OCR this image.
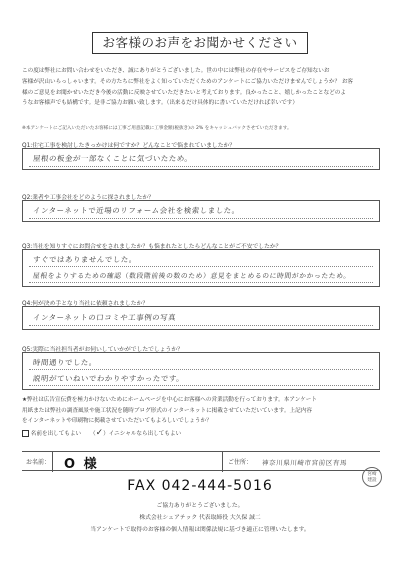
お客様のお声をお聞かせください

この度は弊社にお問い合わせをいただき、誠にありがとうございました。世の中には弊社の存在やサービスをご存知ないお

客様が沢山いらっしゃいます。その方たちに弊社をよく知っていただくためのアンケートにご協力いただけませんでしょうか？ お客

様のご意見をお聞かせいただき今後の活動に反映させていただきたいと考えております。良かったこと、嬉しかったことなどのよ

うなお客様声でも結構です。是非ご協力お願い致します。（出来るだけ具体的に書いていただければ幸いです）

※本アンケートにご記入いただいたお客様には工事ご用意記載に工事金額(税抜き)の 2% をキャッシュバックさせていただきます。
Q1:住宅工事を検討したきっかけは何ですか？どんなことで悩まれていましたか？
屋根の板金が一部なくことに気づいたため。
Q2:業者や工事会社をどのように探されましたか？
インターネットで近場のリフォーム会社を検索しました。
Q3:当社を知りすぐにお問合せをされましたか？も悩まれたとしたらどんなことがご不安でしたか？
すぐではありませんでした。
屋根をよりするための確認（数段階前後の数のため）意見をまとめるのに時間がかかったため。
Q4:何が決め手となり当社に依頼されましたか？
インターネットの口コミや工事例の写真
Q5:実際に当社担当者がお伺いしていかがでしたでしょうか？
時間通りでした。
説明がていねいでわかりやすかったです。

★弊社は広告宣伝費を極力かけないためにホームページを中心にお客様への営業活動を行っております。本アンケート

用紙または弊社の調査風景や施工状況を随時ブログ形式のインターネットに掲載させていただいています。上記内容

をインターネットや印刷物に掲載させていただいてもよろしいでしょうか？

名前を出してもよい （✓）イニシャルなら出してもよい

お名前： O 様	ご住所： 神奈川県川崎市宮前区有馬
宮崎
建設
FAX 042-444-5016
ご協力ありがとうございました。
株式会社シェアテック 代表取締役 大久保 誠二
当アンケートで取得のお客様の個人情報は関係法規に基づき適正に管理いたします。
